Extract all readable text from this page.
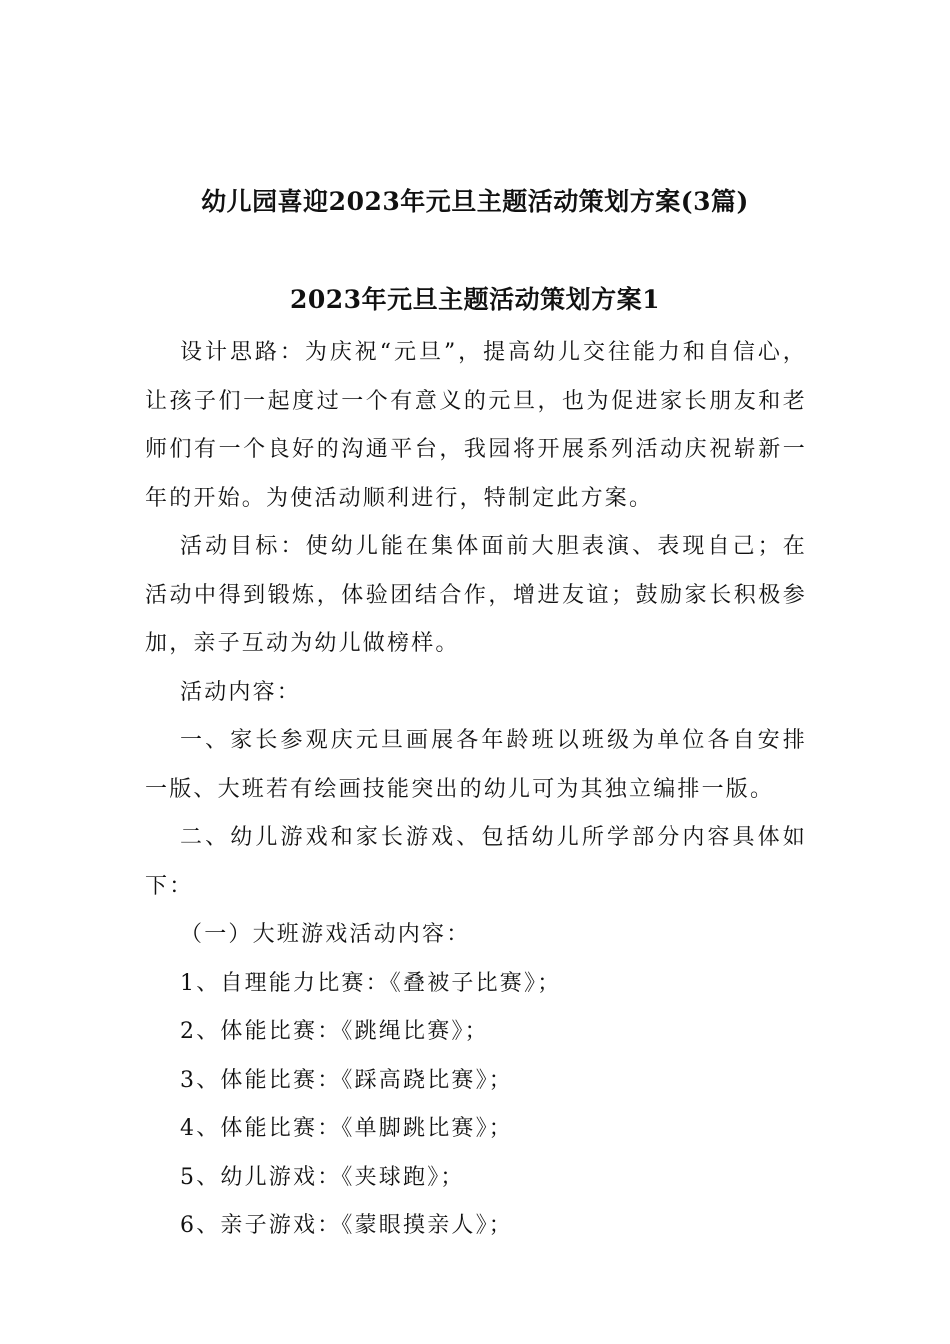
幼儿园喜迎2023年元旦主题活动策划方案(3篇)
2023年元旦主题活动策划方案1

设计思路：为庆祝“元旦”，提高幼儿交往能力和自信心，让孩子们一起度过一个有意义的元旦，也为促进家长朋友和老师们有一个良好的沟通平台，我园将开展系列活动庆祝崭新一年的开始。为使活动顺利进行，特制定此方案。

活动目标：使幼儿能在集体面前大胆表演、表现自己；在活动中得到锻炼，体验团结合作，增进友谊；鼓励家长积极参加，亲子互动为幼儿做榜样。

活动内容：

一、家长参观庆元旦画展各年龄班以班级为单位各自安排一版、大班若有绘画技能突出的幼儿可为其独立编排一版。

二、幼儿游戏和家长游戏、包括幼儿所学部分内容具体如下：

（一）大班游戏活动内容：

1、自理能力比赛：《叠被子比赛》；

2、体能比赛：《跳绳比赛》；

3、体能比赛：《踩高跷比赛》；

4、体能比赛：《单脚跳比赛》；

5、幼儿游戏：《夹球跑》；

6、亲子游戏：《蒙眼摸亲人》；
